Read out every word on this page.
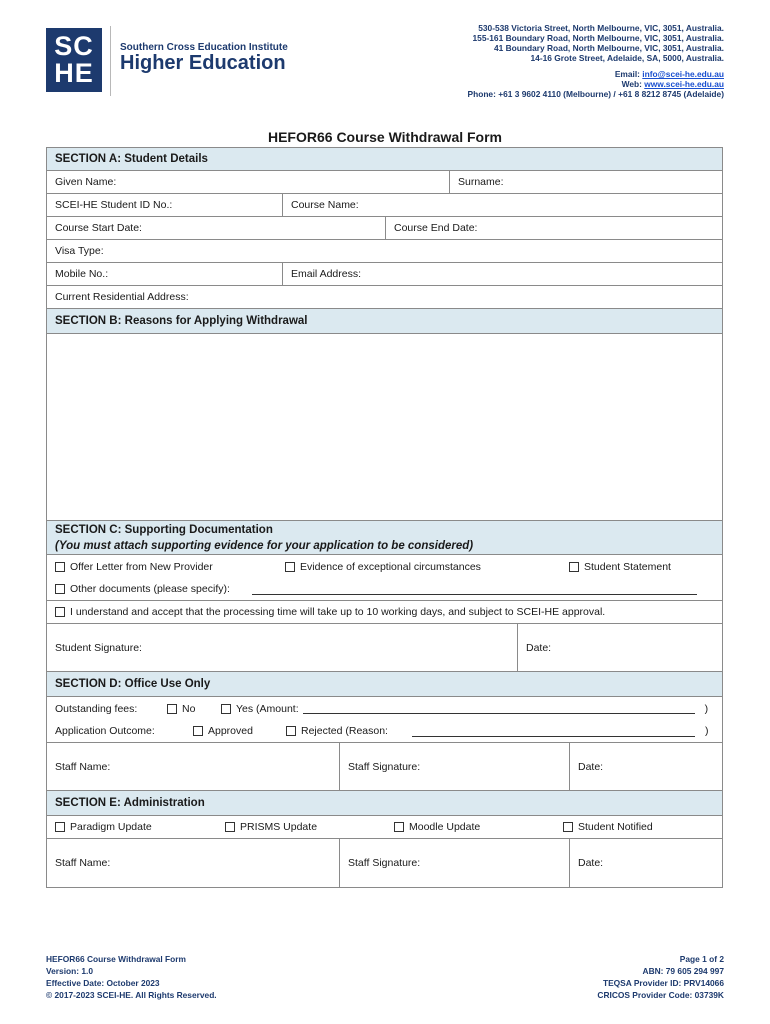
SC
HE
Southern Cross Education Institute
Higher Education
530-538 Victoria Street, North Melbourne, VIC, 3051, Australia.
155-161 Boundary Road, North Melbourne, VIC, 3051, Australia.
41 Boundary Road, North Melbourne, VIC, 3051, Australia.
14-16 Grote Street, Adelaide, SA, 5000, Australia.
Email: info@scei-he.edu.au
Web: www.scei-he.edu.au
Phone: +61 3 9602 4110 (Melbourne) / +61 8 8212 8745 (Adelaide)
HEFOR66 Course Withdrawal Form
SECTION A: Student Details
Given Name:	Surname:
SCEI-HE Student ID No.:	Course Name:
Course Start Date:	Course End Date:
Visa Type:
Mobile No.:	Email Address:
Current Residential Address:
SECTION B: Reasons for Applying Withdrawal
SECTION C: Supporting Documentation
(You must attach supporting evidence for your application to be considered)
Offer Letter from New Provider	Evidence of exceptional circumstances	Student Statement
Other documents (please specify):
I understand and accept that the processing time will take up to 10 working days, and subject to SCEI-HE approval.
Student Signature:	Date:
SECTION D: Office Use Only
Outstanding fees:	No	Yes (Amount:	)
Application Outcome:	Approved	Rejected (Reason:	)
Staff Name:	Staff Signature:	Date:
SECTION E: Administration
Paradigm Update	PRISMS Update	Moodle Update	Student Notified
Staff Name:	Staff Signature:	Date:
HEFOR66 Course Withdrawal Form
Version: 1.0
Effective Date: October 2023
© 2017-2023 SCEI-HE. All Rights Reserved.
Page 1 of 2
ABN: 79 605 294 997
TEQSA Provider ID: PRV14066
CRICOS Provider Code: 03739K
